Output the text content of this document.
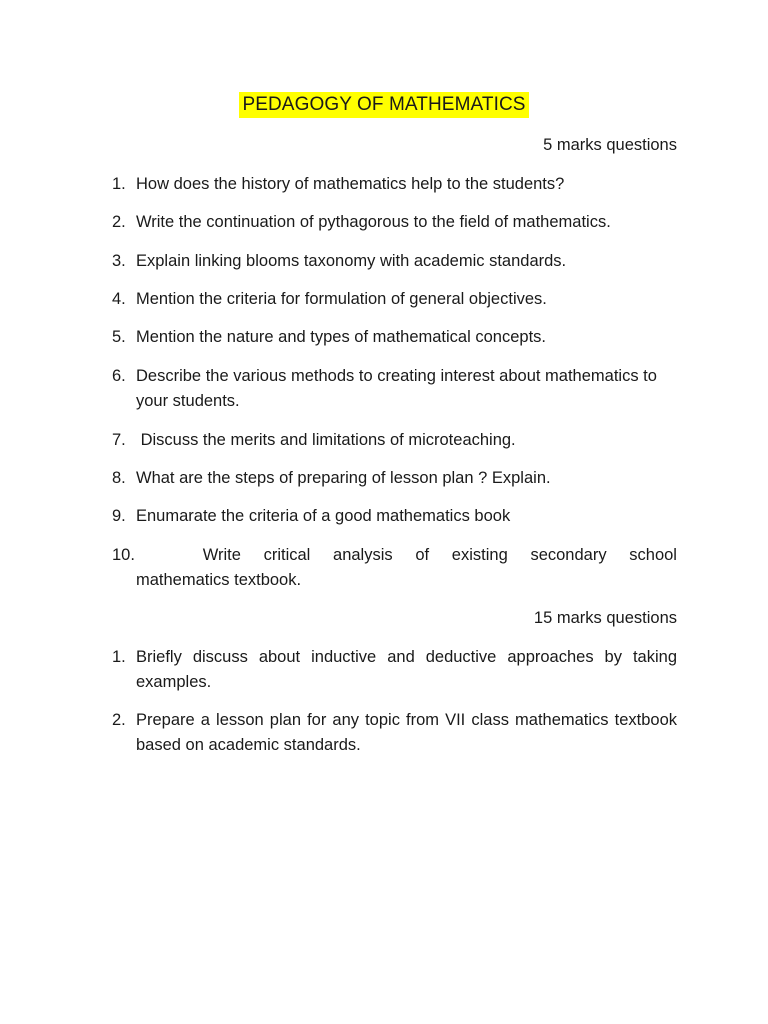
PEDAGOGY OF MATHEMATICS
5 marks questions
1. How does the history of mathematics help to the students?
2. Write the continuation of pythagorous to the field of mathematics.
3. Explain linking blooms taxonomy with academic standards.
4. Mention the criteria for formulation of general objectives.
5. Mention the nature and types of mathematical concepts.
6. Describe the various methods to creating interest about mathematics to your students.
7. Discuss the merits and limitations of microteaching.
8. What are the steps of preparing of lesson plan ? Explain.
9. Enumarate the criteria of a good mathematics book
10.	Write critical analysis of existing secondary school
mathematics textbook.
15 marks questions
1. Briefly discuss about inductive and deductive approaches by taking examples.
2. Prepare a lesson plan for any topic from VII class mathematics textbook based on academic standards.
